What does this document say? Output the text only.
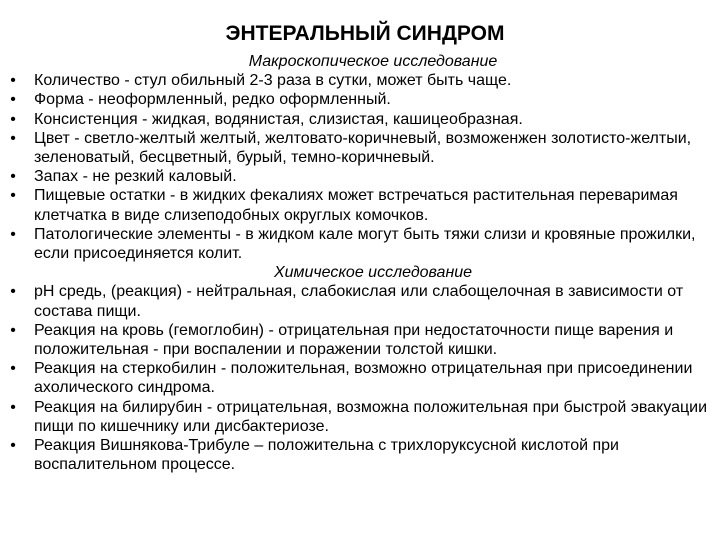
ЭНТЕРАЛЬНЫЙ СИНДРОМ
Макроскопическое исследование
• Количество - стул обильный 2-3 раза в сутки, может быть чаще.
• Форма - неоформленный, редко оформленный.
• Консистенция - жидкая, водянистая, слизистая, кашицеобразная.
• Цвет - светло-желтый желтый, желтовато-коричневый, возможенжен золотисто-желтыи, зеленоватый, бесцветный, бурый, темно-коричневый.
• Запах - не резкий каловый.
• Пищевые остатки - в жидких фекалиях может встречаться растительная переваримая клетчатка в виде слизеподобных округлых комочков.
• Патологические элементы - в жидком кале могут быть тяжи слизи и кровяные прожилки, если присоединяется колит.
Химическое исследование
• рН средь, (реакция) - нейтральная, слабокислая или слабощелочная в зависимости от состава пищи.
• Реакция на кровь (гемоглобин) - отрицательная при недостаточности пище варения и положительная - при воспалении и поражении толстой кишки.
• Реакция на стеркобилин - положительная, возможно отрицательная при присоединении ахолического синдрома.
• Реакция на билирубин - отрицательная, возможна положительная при быстрой эвакуации пищи по кишечнику или дисбактериозе.
• Реакция Вишнякова-Трибуле – положительна с трихлоруксусной кислотой при воспалительном процессе.
